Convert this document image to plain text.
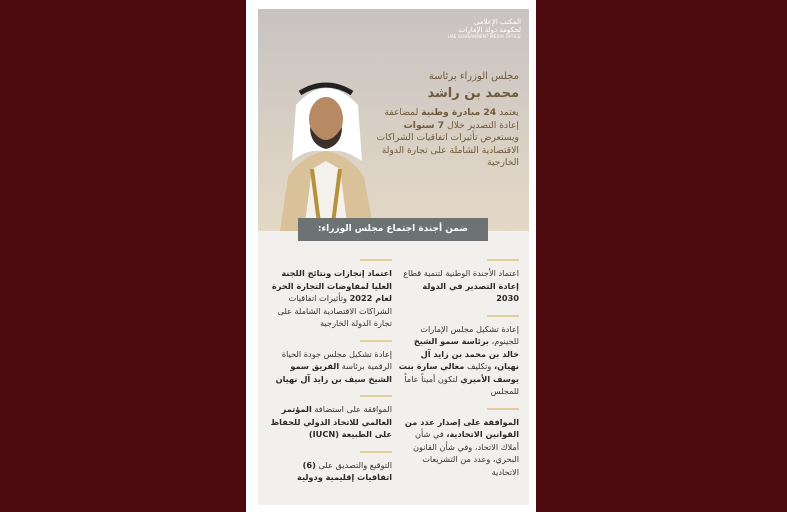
المكتب الإعلامي
لحكومة دولة الإمارات
UAE GOVERNMENT MEDIA OFFICE
مجلس الوزراء برئاسة
محمد بن راشد
يعتمد 24 مبادرة وطنية لمضاعفة إعادة التصدير خلال 7 سنوات ويستعرض تأثيرات اتفاقيات الشراكات الاقتصادية الشاملة على تجارة الدولة الخارجية
ضمن أجندة اجتماع مجلس الوزراء:
اعتماد الأجندة الوطنية لتنمية قطاع إعادة التصدير في الدولة 2030
إعادة تشكيل مجلس الإمارات للجينوم، برئاسة سمو الشيخ خالد بن محمد بن زايد آل نهيان، وتكليف معالي سارة بنت يوسف الأميري لتكون أميناً عاماً للمجلس
الموافقة على إصدار عدد من القوانين الاتحادية، في شأن أملاك الاتحاد، وفي شأن القانون البحري، وعدد من التشريعات الاتحادية
اعتماد إنجازات ونتائج اللجنة العليا لمفاوضات التجارة الحرة لعام 2022 وتأثيرات اتفاقيات الشراكات الاقتصادية الشاملة على تجارة الدولة الخارجية
إعادة تشكيل مجلس جودة الحياة الرقمية برئاسة الفريق سمو الشيخ سيف بن زايد آل نهيان
الموافقة على استضافة المؤتمر العالمي للاتحاد الدولي للحفاظ على الطبيعة (IUCN)
التوقيع والتصديق على (6) اتفاقيات إقليمية ودولية
